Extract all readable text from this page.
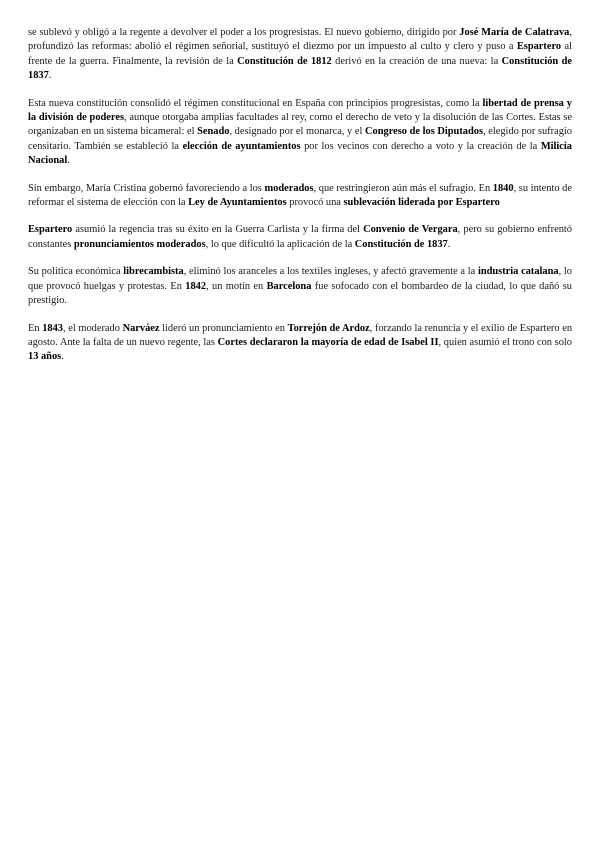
se sublevó y obligó a la regente a devolver el poder a los progresistas. El nuevo gobierno, dirigido por José María de Calatrava, profundizó las reformas: abolió el régimen señorial, sustituyó el diezmo por un impuesto al culto y clero y puso a Espartero al frente de la guerra. Finalmente, la revisión de la Constitución de 1812 derivó en la creación de una nueva: la Constitución de 1837.

Esta nueva constitución consolidó el régimen constitucional en España con principios progresistas, como la libertad de prensa y la división de poderes, aunque otorgaba amplias facultades al rey, como el derecho de veto y la disolución de las Cortes. Estas se organizaban en un sistema bicameral: el Senado, designado por el monarca, y el Congreso de los Diputados, elegido por sufragio censitario. También se estableció la elección de ayuntamientos por los vecinos con derecho a voto y la creación de la Milicia Nacional.

Sin embargo, María Cristina gobernó favoreciendo a los moderados, que restringieron aún más el sufragio. En 1840, su intento de reformar el sistema de elección con la Ley de Ayuntamientos provocó una sublevación liderada por Espartero

Espartero asumió la regencia tras su éxito en la Guerra Carlista y la firma del Convenio de Vergara, pero su gobierno enfrentó constantes pronunciamientos moderados, lo que dificultó la aplicación de la Constitución de 1837.

Su política económica librecambista, eliminó los aranceles a los textiles ingleses, y afectó gravemente a la industria catalana, lo que provocó huelgas y protestas. En 1842, un motín en Barcelona fue sofocado con el bombardeo de la ciudad, lo que dañó su prestigio.

En 1843, el moderado Narváez lideró un pronunciamiento en Torrejón de Ardoz, forzando la renuncia y el exilio de Espartero en agosto. Ante la falta de un nuevo regente, las Cortes declararon la mayoría de edad de Isabel II, quien asumió el trono con solo 13 años.
